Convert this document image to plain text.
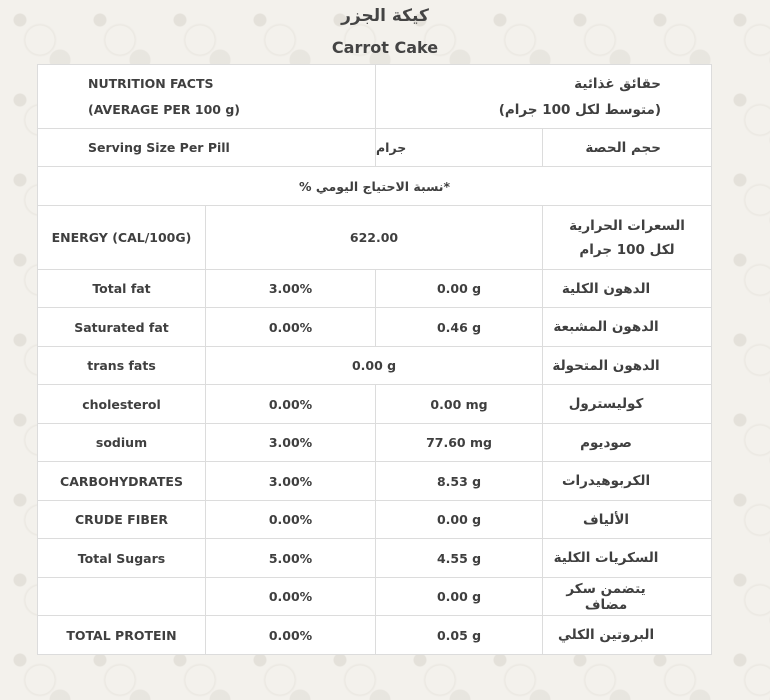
كيكة الجزر
Carrot Cake
NUTRITION FACTS
(AVERAGE PER 100 g)		حقائق غذائية
(متوسط لكل 100 جرام)	

Serving Size Per Pill		جرام	حجم الحصة
*نسبة الاحتياج اليومي %			
ENERGY (CAL/100G)	622.00		السعرات الحرارية
لكل 100 جرام

Total fat	3.00%	0.00 g	الدهون الكلية
Saturated fat	0.00%	0.46 g	الدهون المشبعة
trans fats	0.00 g		الدهون المتحولة
cholesterol	0.00%	0.00 mg	كوليسترول
sodium	3.00%	77.60 mg	صوديوم
CARBOHYDRATES	3.00%	8.53 g	الكربوهيدرات
CRUDE FIBER	0.00%	0.00 g	الألياف
Total Sugars	5.00%	4.55 g	السكريات الكلية
	0.00%	0.00 g	يتضمن سكر مضاف
TOTAL PROTEIN	0.00%	0.05 g	البروتين الكلي
